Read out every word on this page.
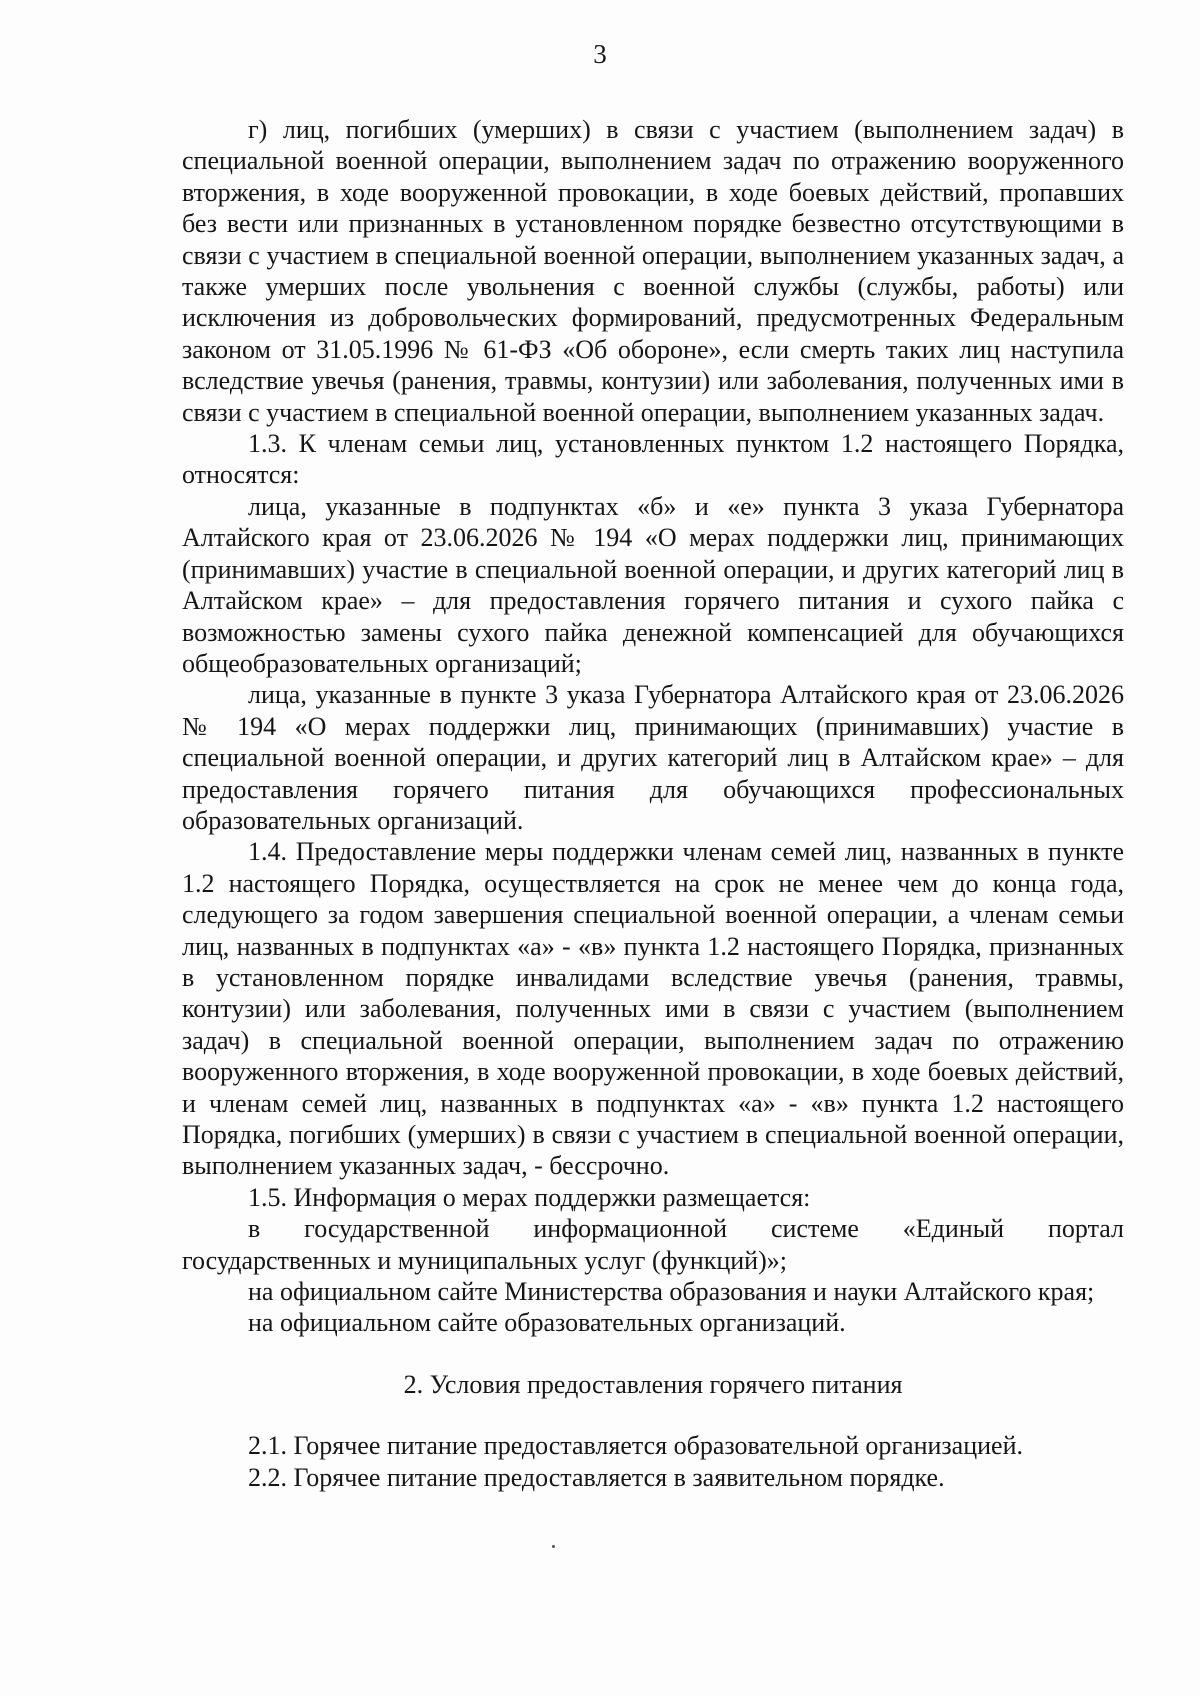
3

г) лиц, погибших (умерших) в связи с участием (выполнением задач) в специальной военной операции, выполнением задач по отражению вооруженного вторжения, в ходе вооруженной провокации, в ходе боевых действий, пропавших без вести или признанных в установленном порядке безвестно отсутствующими в связи с участием в специальной военной операции, выполнением указанных задач, а также умерших после увольнения с военной службы (службы, работы) или исключения из добровольческих формирований, предусмотренных Федеральным законом от 31.05.1996 № 61-ФЗ «Об обороне», если смерть таких лиц наступила вследствие увечья (ранения, травмы, контузии) или заболевания, полученных ими в связи с участием в специальной военной операции, выполнением указанных задач.

1.3. К членам семьи лиц, установленных пунктом 1.2 настоящего Порядка, относятся:

лица, указанные в подпунктах «б» и «е» пункта 3 указа Губернатора Алтайского края от 23.06.2026 № 194 «О мерах поддержки лиц, принимающих (принимавших) участие в специальной военной операции, и других категорий лиц в Алтайском крае» – для предоставления горячего питания и сухого пайка с возможностью замены сухого пайка денежной компенсацией для обучающихся общеобразовательных организаций;

лица, указанные в пункте 3 указа Губернатора Алтайского края от 23.06.2026 № 194 «О мерах поддержки лиц, принимающих (принимавших) участие в специальной военной операции, и других категорий лиц в Алтайском крае» – для предоставления горячего питания для обучающихся профессиональных образовательных организаций.

1.4. Предоставление меры поддержки членам семей лиц, названных в пункте 1.2 настоящего Порядка, осуществляется на срок не менее чем до конца года, следующего за годом завершения специальной военной операции, а членам семьи лиц, названных в подпунктах «а» - «в» пункта 1.2 настоящего Порядка, признанных в установленном порядке инвалидами вследствие увечья (ранения, травмы, контузии) или заболевания, полученных ими в связи с участием (выполнением задач) в специальной военной операции, выполнением задач по отражению вооруженного вторжения, в ходе вооруженной провокации, в ходе боевых действий, и членам семей лиц, названных в подпунктах «а» - «в» пункта 1.2 настоящего Порядка, погибших (умерших) в связи с участием в специальной военной операции, выполнением указанных задач, - бессрочно.

1.5. Информация о мерах поддержки размещается:

в государственной информационной системе «Единый портал государственных и муниципальных услуг (функций)»;

на официальном сайте Министерства образования и науки Алтайского края;

на официальном сайте образовательных организаций.

2. Условия предоставления горячего питания

2.1. Горячее питание предоставляется образовательной организацией.

2.2. Горячее питание предоставляется в заявительном порядке.
